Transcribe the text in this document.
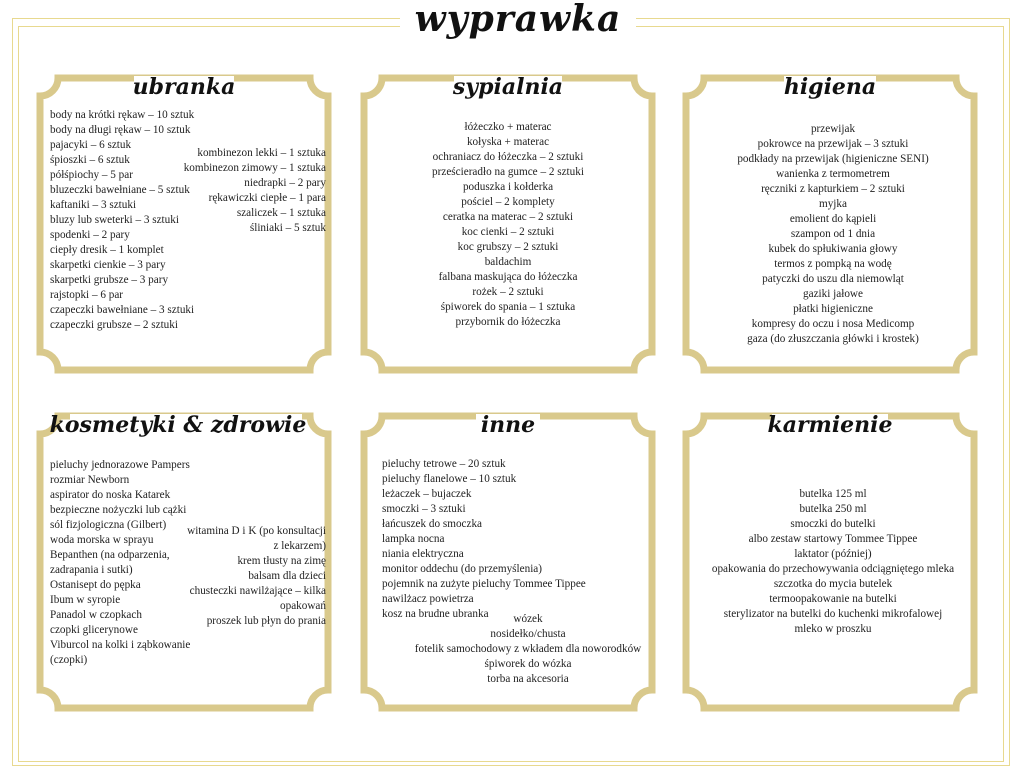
wyprawka
ubranka
body na krótki rękaw – 10 sztuk
body na długi rękaw – 10 sztuk
pajacyki – 6 sztuk
śpioszki – 6 sztuk
półśpiochy – 5 par
bluzeczki bawełniane – 5 sztuk
kaftaniki – 3 sztuki
bluzy lub sweterki – 3 sztuki
spodenki – 2 pary
ciepły dresik – 1 komplet
skarpetki cienkie – 3 pary
skarpetki grubsze – 3 pary
rajstopki – 6 par
czapeczki bawełniane – 3 sztuki
czapeczki grubsze – 2 sztuki
kombinezon lekki – 1 sztuka
kombinezon zimowy – 1 sztuka
niedrapki – 2 pary
rękawiczki ciepłe – 1 para
szaliczek – 1 sztuka
śliniaki – 5 sztuk
sypialnia
łóżeczko + materac
kołyska + materac
ochraniacz do łóżeczka – 2 sztuki
prześcieradło na gumce – 2 sztuki
poduszka i kołderka
pościel – 2 komplety
ceratka na materac – 2 sztuki
koc cienki – 2 sztuki
koc grubszy – 2 sztuki
baldachim
falbana maskująca do łóżeczka
rożek – 2 sztuki
śpiworek do spania – 1 sztuka
przybornik do łóżeczka
higiena
przewijak
pokrowce na przewijak – 3 sztuki
podkłady na przewijak (higieniczne SENI)
wanienka z termometrem
ręczniki z kapturkiem – 2 sztuki
myjka
emolient do kąpieli
szampon od 1 dnia
kubek do spłukiwania głowy
termos z pompką na wodę
patyczki do uszu dla niemowląt
gaziki jałowe
płatki higieniczne
kompresy do oczu i nosa Medicomp
gaza (do złuszczania główki i krostek)
kosmetyki & zdrowie
pieluchy jednorazowe Pampers
rozmiar Newborn
aspirator do noska Katarek
bezpieczne nożyczki lub cążki
sól fizjologiczna (Gilbert)
woda morska w sprayu
Bepanthen (na odparzenia,
zadrapania i sutki)
Ostanisept do pępka
Ibum w syropie
Panadol w czopkach
czopki glicerynowe
Viburcol na kolki i ząbkowanie
(czopki)
witamina D i K (po konsultacji
z lekarzem)
krem tłusty na zimę
balsam dla dzieci
chusteczki nawilżające – kilka
opakowań
proszek lub płyn do prania
inne
pieluchy tetrowe – 20 sztuk
pieluchy flanelowe – 10 sztuk
leżaczek – bujaczek
smoczki – 3 sztuki
łańcuszek do smoczka
lampka nocna
niania elektryczna
monitor oddechu (do przemyślenia)
pojemnik na zużyte pieluchy Tommee Tippee
nawilżacz powietrza
kosz na brudne ubranka	wózek
nosidełko/chusta
fotelik samochodowy z wkładem dla noworodków
śpiworek do wózka
torba na akcesoria
karmienie
butelka 125 ml
butelka 250 ml
smoczki do butelki
albo zestaw startowy Tommee Tippee
laktator (później)
opakowania do przechowywania odciągniętego mleka
szczotka do mycia butelek
termoopakowanie na butelki
sterylizator na butelki do kuchenki mikrofalowej
mleko w proszku
